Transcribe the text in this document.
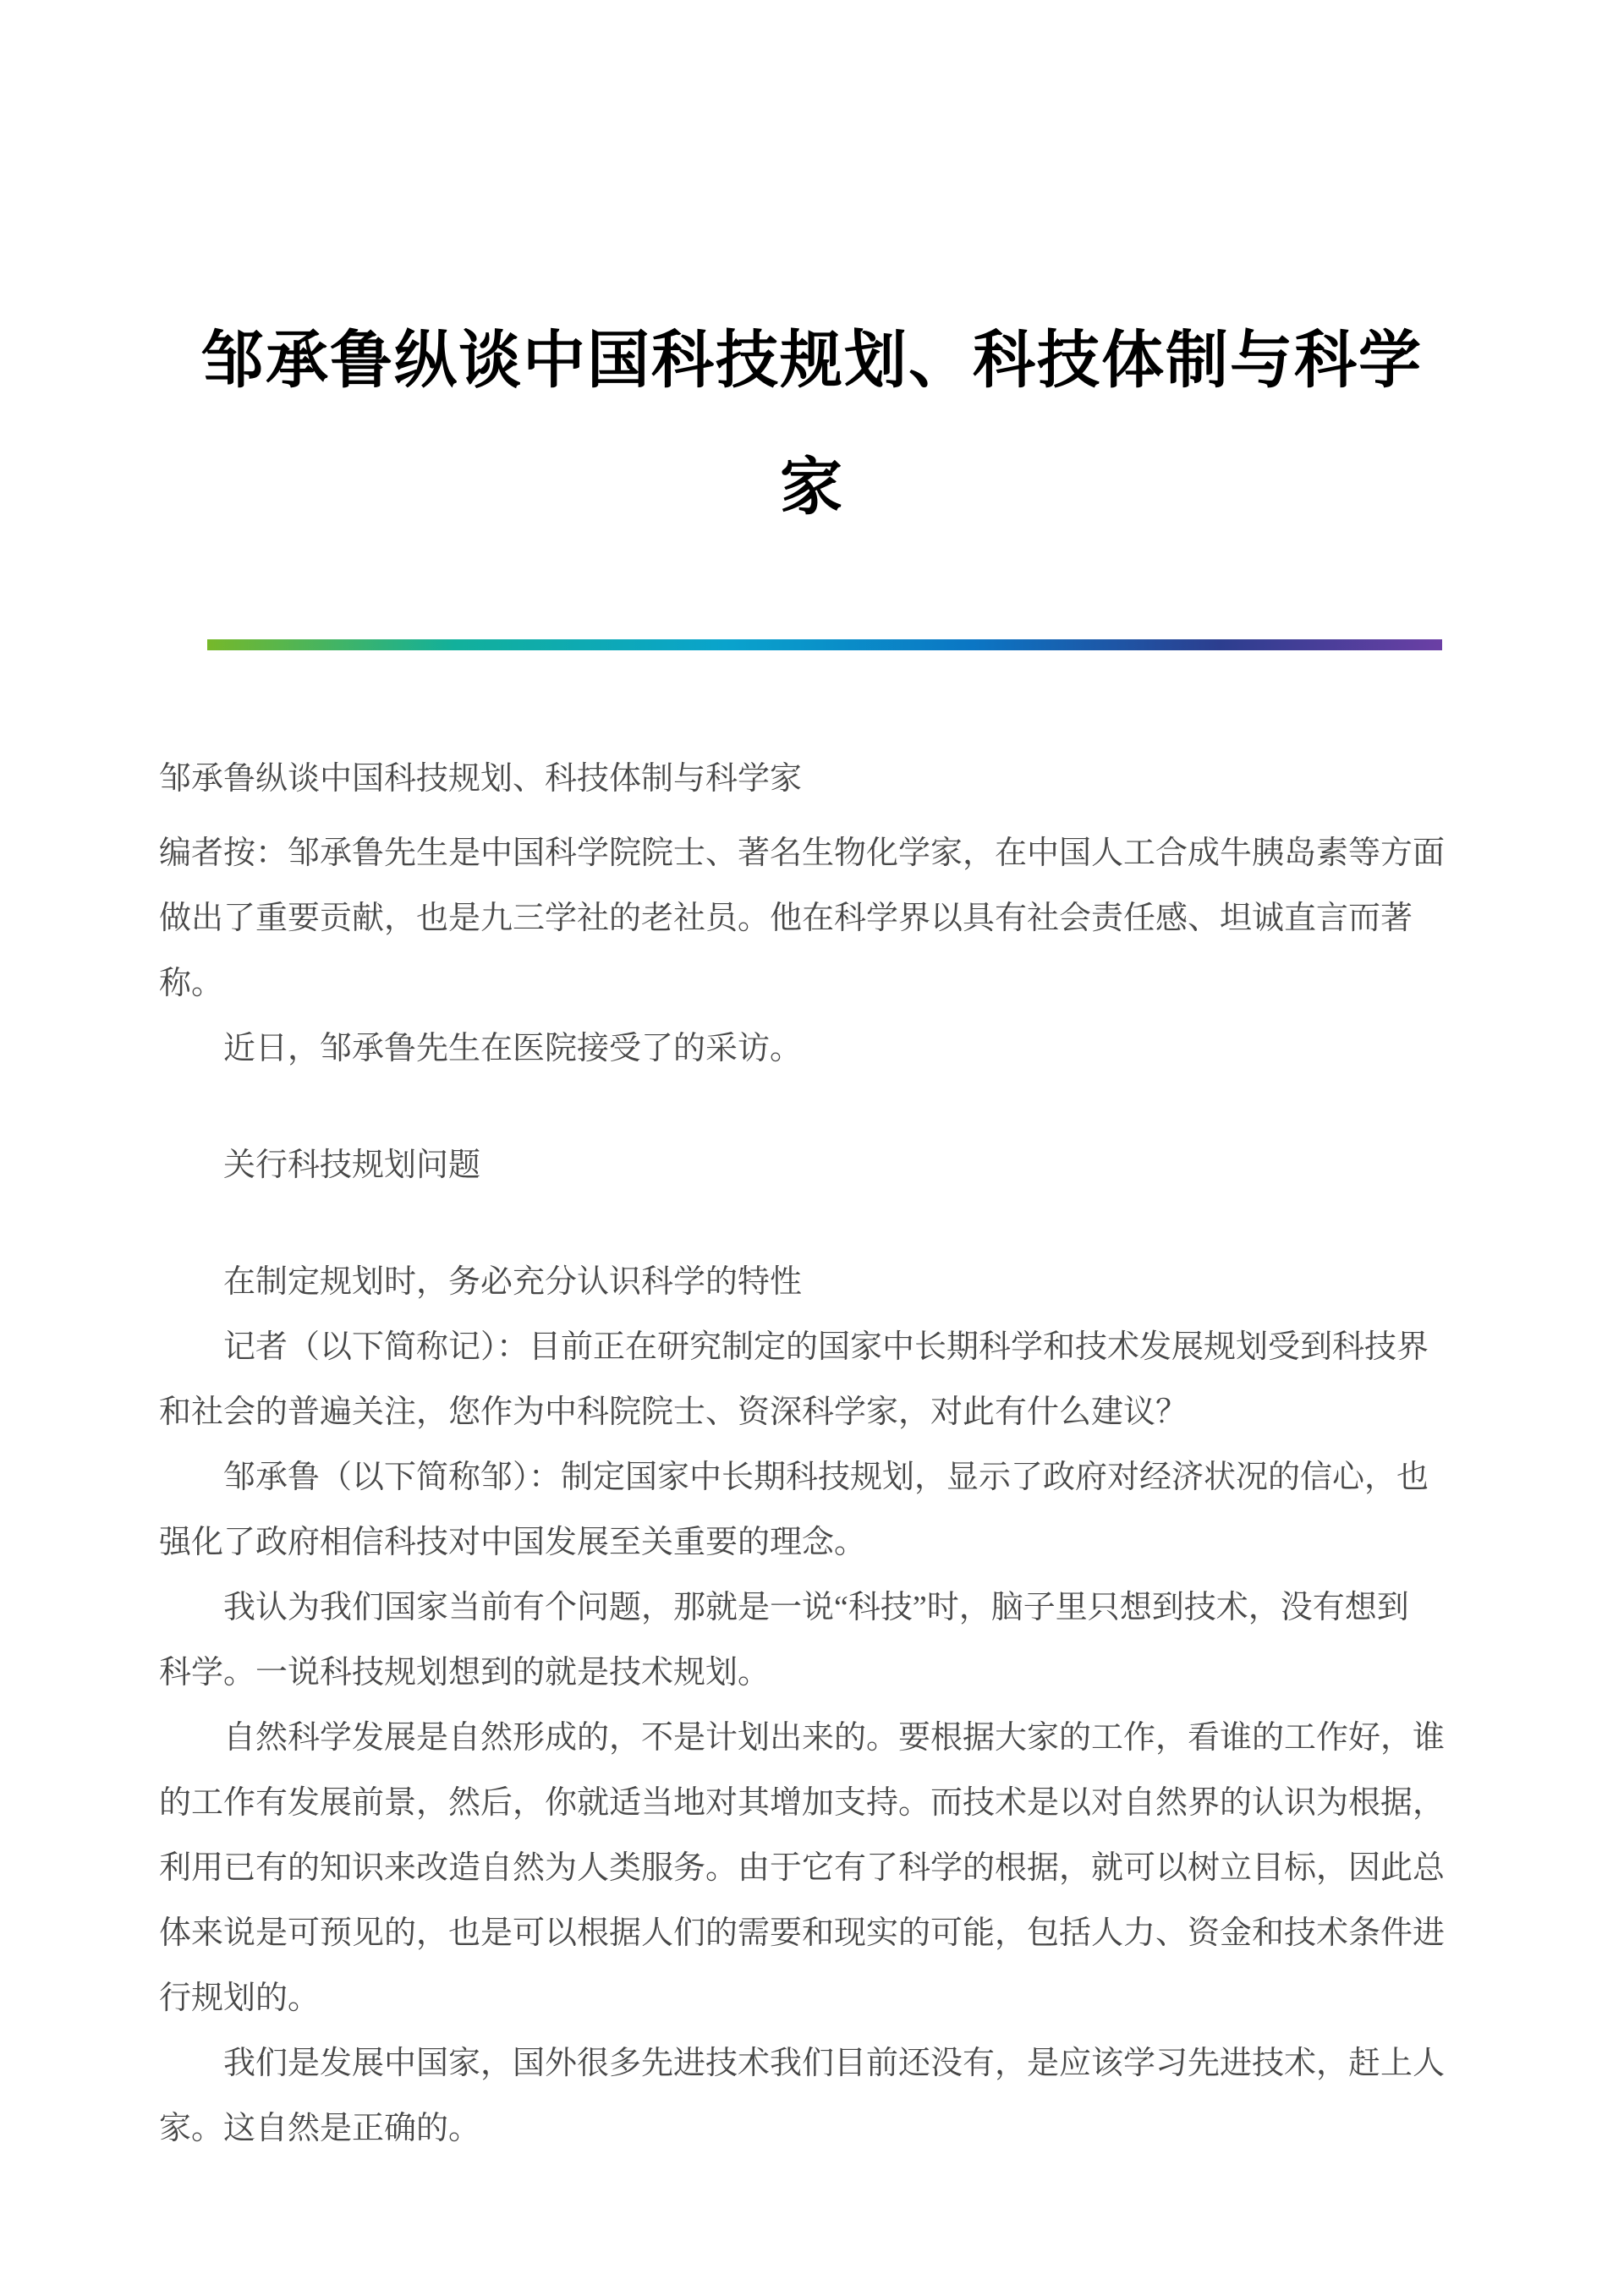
邹承鲁纵谈中国科技规划、科技体制与科学
家
邹承鲁纵谈中国科技规划、科技体制与科学家
编者按：邹承鲁先生是中国科学院院士、著名生物化学家，在中国人工合成牛胰岛素等方面
做出了重要贡献，也是九三学社的老社员。他在科学界以具有社会责任感、坦诚直言而著
称。
　　近日，邹承鲁先生在医院接受了的采访。
　　关行科技规划问题
　　在制定规划时，务必充分认识科学的特性
　　记者（以下简称记）：目前正在研究制定的国家中长期科学和技术发展规划受到科技界
和社会的普遍关注，您作为中科院院士、资深科学家，对此有什么建议？
　　邹承鲁（以下简称邹）：制定国家中长期科技规划，显示了政府对经济状况的信心，也
强化了政府相信科技对中国发展至关重要的理念。
　　我认为我们国家当前有个问题，那就是一说“科技”时，脑子里只想到技术，没有想到
科学。一说科技规划想到的就是技术规划。
　　自然科学发展是自然形成的，不是计划出来的。要根据大家的工作，看谁的工作好，谁
的工作有发展前景，然后，你就适当地对其增加支持。而技术是以对自然界的认识为根据，
利用已有的知识来改造自然为人类服务。由于它有了科学的根据，就可以树立目标，因此总
体来说是可预见的，也是可以根据人们的需要和现实的可能，包括人力、资金和技术条件进
行规划的。
　　我们是发展中国家，国外很多先进技术我们目前还没有，是应该学习先进技术，赶上人
家。这自然是正确的。
